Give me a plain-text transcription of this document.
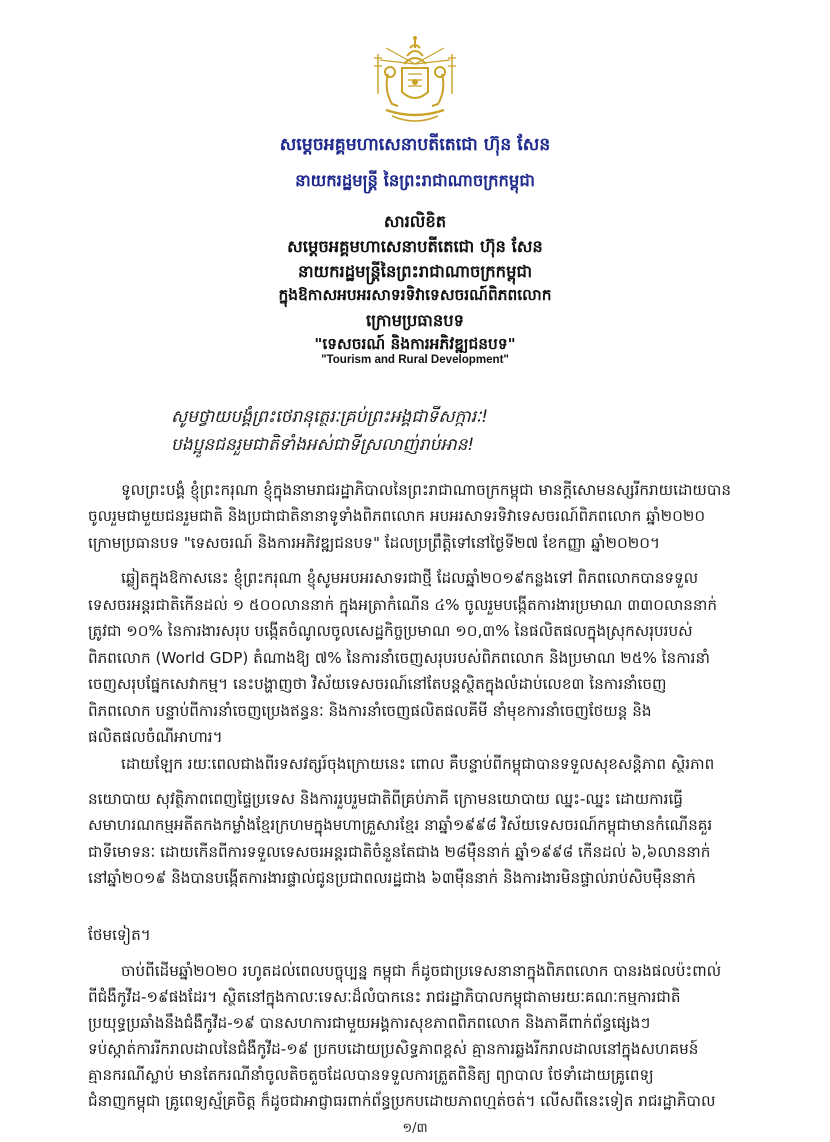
សម្តេចអគ្គមហាសេនាបតីតេជោ ហ៊ុន សែន
នាយករដ្ឋមន្ត្រី នៃព្រះរាជាណាចក្រកម្ពុជា
សារលិខិត
សម្តេចអគ្គមហាសេនាបតីតេជោ ហ៊ុន សែន
នាយករដ្ឋមន្ត្រីនៃព្រះរាជាណាចក្រកម្ពុជា
ក្នុងឱកាសអបអរសាទរទិវាទេសចរណ៍ពិភពលោក
ក្រោមប្រធានបទ
"ទេសចរណ៍ និងការអភិវឌ្ឍជនបទ"
"Tourism and Rural Development"
សូមថ្វាយបង្គំព្រះថេរានុត្ថេរៈគ្រប់ព្រះអង្គជាទីសក្ការៈ!
បងប្អូនជនរួមជាតិទាំងអស់ជាទីស្រលាញ់រាប់អាន!
ទូលព្រះបង្គំ ខ្ញុំព្រះករុណា ខ្ញុំក្នុងនាមរាជរដ្ឋាភិបាលនៃព្រះរាជាណាចក្រកម្ពុជា មានក្តីសោមនស្សរីករាយដោយបាន
ចូលរួមជាមួយជនរួមជាតិ និងប្រជាជាតិនានាទូទាំងពិភពលោក អបអរសាទរទិវាទេសចរណ៍ពិភពលោក ឆ្នាំ២០២០
ក្រោមប្រធានបទ "ទេសចរណ៍ និងការអភិវឌ្ឍជនបទ" ដែលប្រព្រឹត្តិទៅនៅថ្ងៃទី២៧ ខែកញ្ញា ឆ្នាំ២០២០។
ឆ្លៀតក្នុងឱកាសនេះ ខ្ញុំព្រះករុណា ខ្ញុំសូមអបអរសាទរជាថ្មី ដែលឆ្នាំ២០១៩កន្លងទៅ ពិភពលោកបានទទួល
ទេសចរអន្តរជាតិកើនដល់ ១ ៥០០លាននាក់ ក្នុងអត្រាកំណើន ៤% ចូលរួមបង្កើតការងារប្រមាណ ៣៣០លាននាក់
ត្រូវជា ១០% នៃការងារសរុប បង្កើតចំណូលចូលសេដ្ឋកិច្ចប្រមាណ ១០,៣% នៃផលិតផលក្នុងស្រុកសរុបរបស់
ពិភពលោក (World GDP) តំណាងឱ្យ ៧% នៃការនាំចេញសរុបរបស់ពិភពលោក និងប្រមាណ ២៥% នៃការនាំ
ចេញសរុបផ្នែកសេវាកម្ម។ នេះបង្ហាញថា វិស័យទេសចរណ៍នៅតែបន្តស្ថិតក្នុងលំដាប់លេខ៣ នៃការនាំចេញ
ពិភពលោក បន្ទាប់ពីការនាំចេញប្រេងឥន្ធនៈ និងការនាំចេញផលិតផលគីមី នាំមុខការនាំចេញថែយន្ត និង
ផលិតផលចំណីអាហារ។
ដោយឡែក រយៈពេលជាងពីរទសវត្សរ៍ចុងក្រោយនេះ ពោល គឺបន្ទាប់ពីកម្ពុជាបានទទួលសុខសន្តិភាព ស្ថិរភាព
នយោបាយ សុវត្ថិភាពពេញផ្ទៃប្រទេស និងការរួបរួមជាតិពីគ្រប់ភាគី ក្រោមនយោបាយ ឈ្នះ-ឈ្នះ ដោយការធ្វើ
សមាហរណកម្មអតីតកងកម្លាំងខ្មែរក្រហមក្នុងមហាគ្រួសារខ្មែរ នាឆ្នាំ១៩៩៨ វិស័យទេសចរណ៍កម្ពុជាមានកំណើនគួរ
ជាទីមោទនៈ ដោយកើនពីការទទួលទេសចរអន្តរជាតិចំនួនតែជាង ២៨ម៉ឺននាក់ ឆ្នាំ១៩៩៨ កើនដល់ ៦,៦លាននាក់
នៅឆ្នាំ២០១៩ និងបានបង្កើតការងារផ្ទាល់ជូនប្រជាពលរដ្ឋជាង ៦៣ម៉ឺននាក់ និងការងារមិនផ្ទាល់រាប់សិបម៉ឺននាក់
ថែមទៀត។
ចាប់ពីដើមឆ្នាំ២០២០ រហូតដល់ពេលបច្ចុប្បន្ន កម្ពុជា ក៏ដូចជាប្រទេសនានាក្នុងពិភពលោក បានរងផលប៉ះពាល់
ពីជំងឺកូវីដ-១៩ផងដែរ។ ស្ថិតនៅក្នុងកាលៈទេសៈដ៏លំបាកនេះ រាជរដ្ឋាភិបាលកម្ពុជាតាមរយៈគណៈកម្មការជាតិ
ប្រយុទ្ធប្រឆាំងនឹងជំងឺកូវីដ-១៩ បានសហការជាមួយអង្គការសុខភាពពិភពលោក និងភាគីពាក់ព័ន្ធផ្សេងៗ
ទប់ស្កាត់ការរីករាលដាលនៃជំងឺកូវីដ-១៩ ប្រកបដោយប្រសិទ្ធភាពខ្ពស់ គ្មានការឆ្លងរីករាលដាលនៅក្នុងសហគមន៍
គ្មានករណីស្លាប់ មានតែករណីនាំចូលតិចតួចដែលបានទទួលការត្រួតពិនិត្យ ព្យាបាល ថែទាំដោយគ្រូពេទ្យ
ជំនាញកម្ពុជា គ្រូពេទ្យស្ម័គ្រចិត្ត ក៏ដូចជាអាជ្ញាធរពាក់ព័ន្ធប្រកបដោយភាពហ្មត់ចត់។ លើសពីនេះទៀត រាជរដ្ឋាភិបាល
១/៣
